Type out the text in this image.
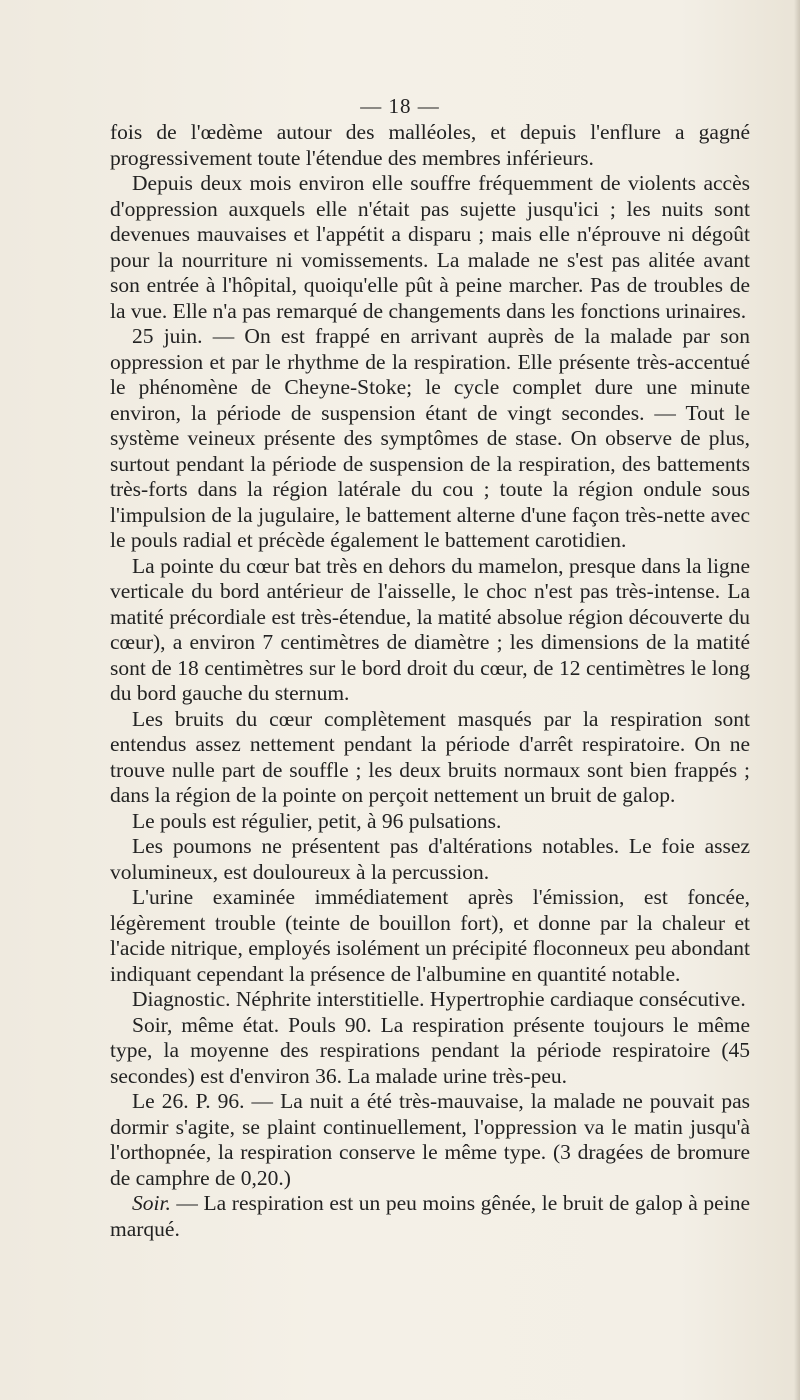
— 18 —

fois de l'œdème autour des malléoles, et depuis l'enflure a gagné progressivement toute l'étendue des membres inférieurs.

Depuis deux mois environ elle souffre fréquemment de violents accès d'oppression auxquels elle n'était pas sujette jusqu'ici ; les nuits sont devenues mauvaises et l'appétit a disparu ; mais elle n'éprouve ni dégoût pour la nourriture ni vomissements. La malade ne s'est pas alitée avant son entrée à l'hôpital, quoiqu'elle pût à peine marcher. Pas de troubles de la vue. Elle n'a pas remarqué de changements dans les fonctions urinaires.

25 juin. — On est frappé en arrivant auprès de la malade par son oppression et par le rhythme de la respiration. Elle présente très-accentué le phénomène de Cheyne-Stoke; le cycle complet dure une minute environ, la période de suspension étant de vingt secondes. — Tout le système veineux présente des symptômes de stase. On observe de plus, surtout pendant la période de suspension de la respiration, des battements très-forts dans la région latérale du cou ; toute la région ondule sous l'impulsion de la jugulaire, le battement alterne d'une façon très-nette avec le pouls radial et précède également le battement carotidien.

La pointe du cœur bat très en dehors du mamelon, presque dans la ligne verticale du bord antérieur de l'aisselle, le choc n'est pas très-intense. La matité précordiale est très-étendue, la matité absolue région découverte du cœur), a environ 7 centimètres de diamètre ; les dimensions de la matité sont de 18 centimètres sur le bord droit du cœur, de 12 centimètres le long du bord gauche du sternum.

Les bruits du cœur complètement masqués par la respiration sont entendus assez nettement pendant la période d'arrêt respiratoire. On ne trouve nulle part de souffle ; les deux bruits normaux sont bien frappés ; dans la région de la pointe on perçoit nettement un bruit de galop.

Le pouls est régulier, petit, à 96 pulsations.

Les poumons ne présentent pas d'altérations notables. Le foie assez volumineux, est douloureux à la percussion.

L'urine examinée immédiatement après l'émission, est foncée, légèrement trouble (teinte de bouillon fort), et donne par la chaleur et l'acide nitrique, employés isolément un précipité floconneux peu abondant indiquant cependant la présence de l'albumine en quantité notable.

Diagnostic. Néphrite interstitielle. Hypertrophie cardiaque consécutive.

Soir, même état. Pouls 90. La respiration présente toujours le même type, la moyenne des respirations pendant la période respiratoire (45 secondes) est d'environ 36. La malade urine très-peu.

Le 26. P. 96. — La nuit a été très-mauvaise, la malade ne pouvait pas dormir s'agite, se plaint continuellement, l'oppression va le matin jusqu'à l'orthopnée, la respiration conserve le même type. (3 dragées de bromure de camphre de 0,20.)

Soir. — La respiration est un peu moins gênée, le bruit de galop à peine marqué.
